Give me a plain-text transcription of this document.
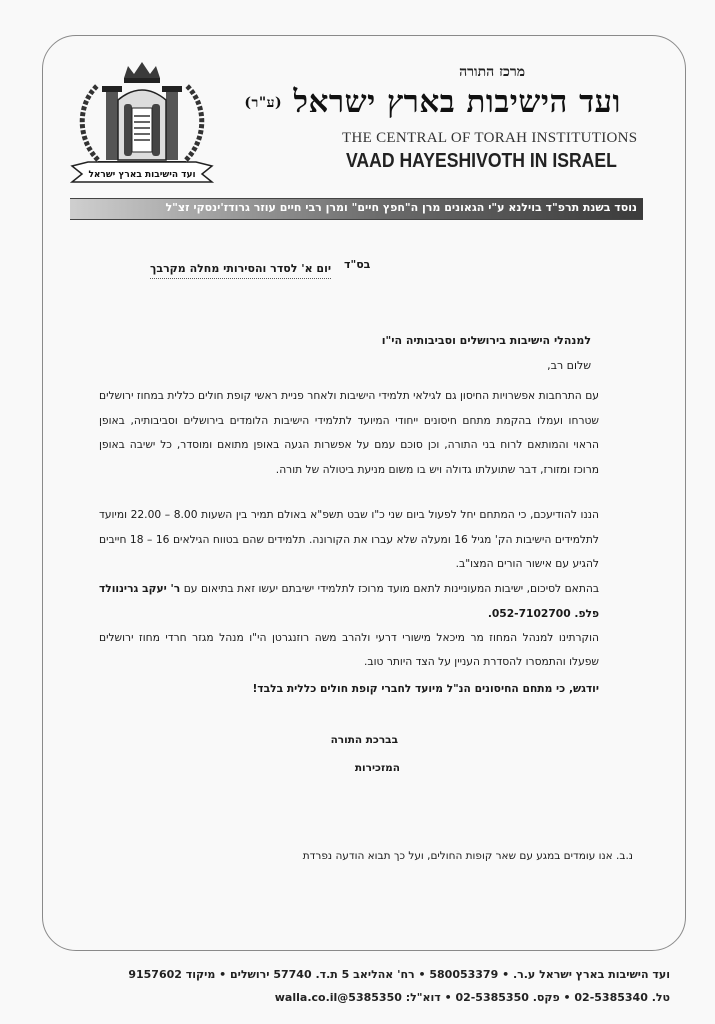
ועד הישיבות בארץ ישראל
מרכז התורה
ועד הישיבות בארץ ישראל (ע"ר)
THE CENTRAL OF TORAH INSTITUTIONS
VAAD HAYESHIVOTH IN ISRAEL
נוסד בשנת תרפ"ד בוילנא ע"י הגאונים מרן ה"חפץ חיים" ומרן רבי חיים עוזר גרודז'ינסקי זצ"ל
בס"ד
יום א' לסדר והסירותי מחלה מקרבך
למנהלי הישיבות בירושלים וסביבותיה הי"ו
שלום רב,
עם התרחבות אפשרויות החיסון גם לגילאי תלמידי הישיבות ולאחר פניית ראשי קופת חולים כללית במחוז ירושלים שטרחו ועמלו בהקמת מתחם חיסונים ייחודי המיועד לתלמידי הישיבות הלומדים בירושלים וסביבותיה, באופן הראוי והמותאם לרוח בני התורה, וכן סוכם עמם על אפשרות הגעה באופן מתואם ומוסדר, כל ישיבה באופן מרוכז ומזורז, דבר שתועלתו גדולה ויש בו משום מניעת ביטולה של תורה.
הננו להודיעכם, כי המתחם יחל לפעול ביום שני כ"ו שבט תשפ"א באולם תמיר בין השעות 8.00 – 22.00 ומיועד לתלמידים הישיבות הק' מגיל 16 ומעלה שלא עברו את הקורונה. תלמידים שהם בטווח הגילאים 16 – 18 חייבים להגיע עם אישור הורים המצו"ב.
בהתאם לסיכום, ישיבות המעוניינות לתאם מועד מרוכז לתלמידי ישיבתם יעשו זאת בתיאום עם ר' יעקב גרינוולד פלפ. 052-7102700.
הוקרתינו למנהל המחוז מר מיכאל מישורי דרעי ולהרב משה רוזנגרטן הי"ו מנהל מגזר חרדי מחוז ירושלים שפעלו והתמסרו להסדרת העניין על הצד היותר טוב.
יודגש, כי מתחם החיסונים הנ"ל מיועד לחברי קופת חולים כללית בלבד!
בברכת התורה
המזכירות
נ.ב. אנו עומדים במגע עם שאר קופות החולים, ועל כך תבוא הודעה נפרדת
ועד הישיבות בארץ ישראל ע.ר. • 580053379 • רח' אהליאב 5 ת.ד. 57740 ירושלים • מיקוד 9157602
טל. 02-5385340 • פקס. 02-5385350 • דוא"ל: 5385350@walla.co.il
